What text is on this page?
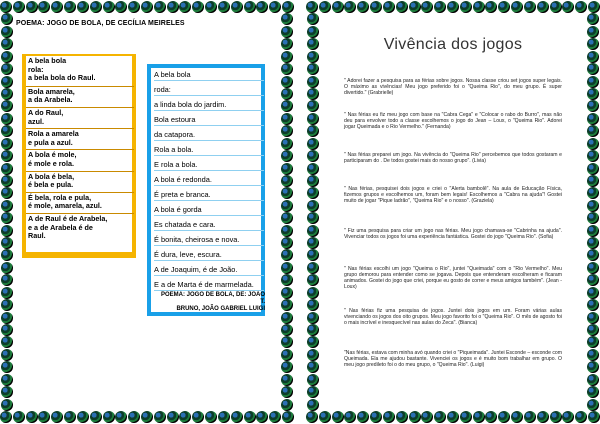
POEMA: JOGO DE BOLA, DE CECÍLIA MEIRELES
A bela bola
rola:
a bela bola do Raul.
Bola amarela,
a da Arabela.
A do Raul,
azul.
Rola a amarela
e pula a azul.
A bola é mole,
é mole e rola.
A bola é bela,
é bela e pula.
É bela, rola e pula,
é mole, amarela, azul.
A de Raul é de Arabela,
e a de Arabela é de
Raul.
POEMA: JOGO DE BOLA, DE: JOÃO T.
BRUNO, JOÃO GABRIEL LUIGI
A bela bola
roda:
a linda bola do jardim.
Bola estoura
da catapora.
Rola a bola.
E rola a bola.
A bola é redonda.
É preta e branca.
A bola é gorda
Es chatada e cara.
É bonita, cheirosa e nova.
É dura, leve, escura.
A de Joaquim, é de João.
E a de Marta é de marmelada.
Vivência dos jogos
" Adorei fazer a pesquisa para as férias sobre jogos. Nossa classe criou set jogos super legais. O máximo as vivências! Meu jogo preferido foi o "Queima Rio", do meu grupo. É super divertido." (Grabrielle)
" Nas férias eu fiz meu jogo com base na "Cabra Cega" e "Colocar o rabo do Burro", mas não deu para envolver todo a classe escolhemos o jogo do Jean – Loux, o "Queima Rio". Adorei jogar Queimada e o Rio Vermelho." (Fernanda)
" Nas férias preparei um jogo. Na vivência do "Queima Rio" percebemos que todos gostaram e participaram do . De todos gostei mais do nosso grupo". (Livia)
" Nas férias, pesquisei dois jogos e criei o "Alerta bambolê". Na aula de Educação Física, fizemos grupos e escolhemos um, foram bem legais! Escolhemos a "Cabra na ajuda"! Gostei muito de jogar "Pique ladrão", "Queima Rio" e o nosso". (Graziela)
" Fiz uma pesquisa para criar um jogo nas férias. Meu jogo chamava-se "Cabrinha na ajuda". Vivenciar todos os jogos foi uma experiência fantástica. Gostei do jogo "Queima Rio". (Sofia)
" Nas férias escolhi um jogo "Queima o Rio", juntei "Queimada" com o "Rio Vermelho". Meu grupo demorou para entender como se jogava. Depois que entenderam escolheram e ficaram animados. Gostei do jogo que criei, porque eu gosto de correr e meus amigos também". (Jean - Loux)
" Nas férias fiz uma pesquisa de jogos. Juntei dois jogos em um. Foram várias aulas vivenciando os jogos dos oito grupos. Meu jogo favorito foi o "Queima Rio". O mês de agosto foi o mais incrível e inesquecível nas aulas do Zeca". (Bianca)
"Nas férias, estava com minha avó quando criei o "Piqueimada". Juntei Esconde – esconde com Queimada. Ela me ajudou bastante. Vivenciei os jogos e é muito bom trabalhar em grupo. O meu jogo predileto foi o do meu grupo, o "Queima Rio". (Luigi)
